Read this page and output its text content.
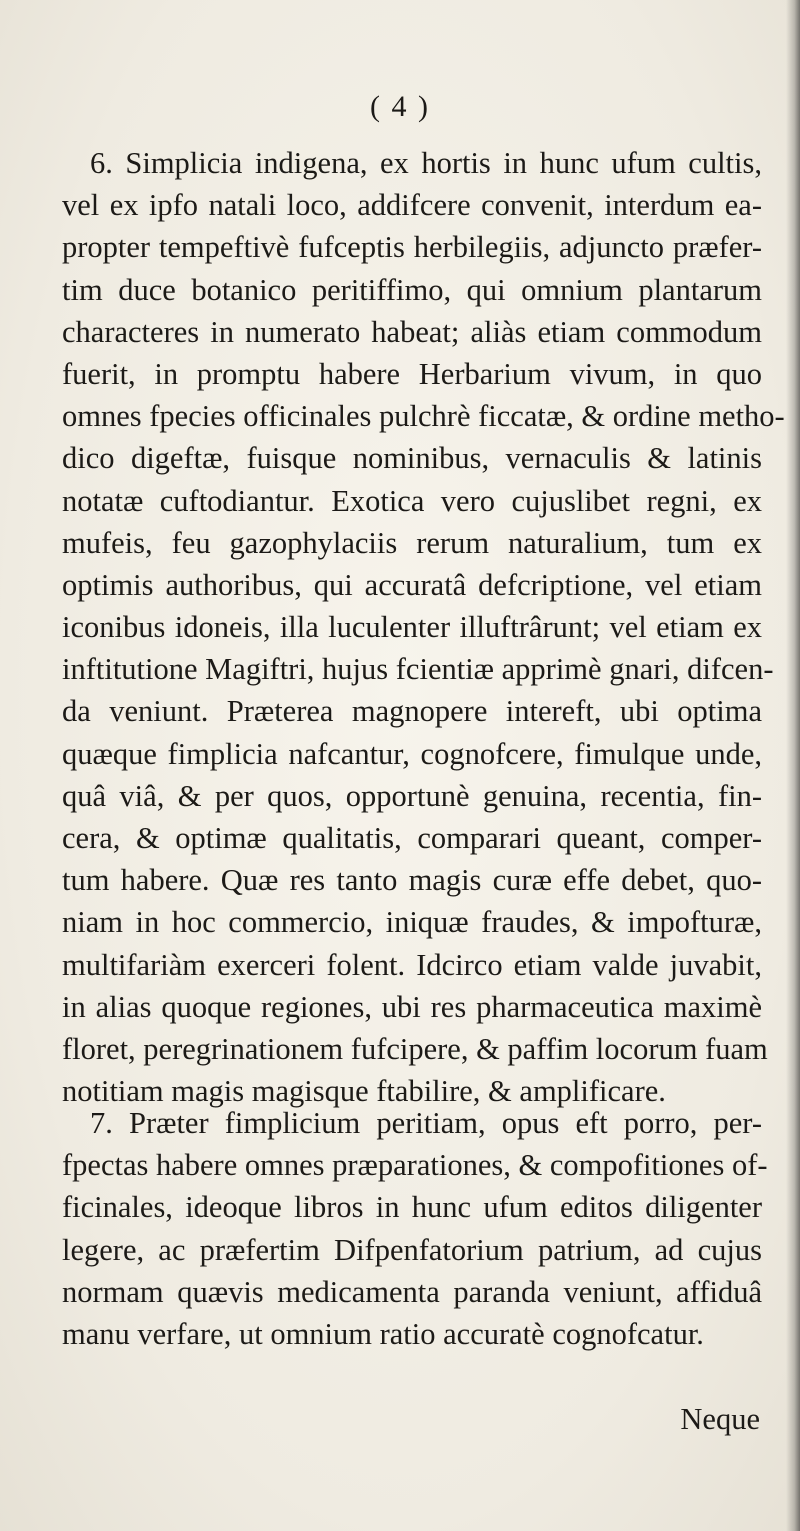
( 4 )
6. Simplicia indigena, ex hortis in hunc ufum cultis,
vel ex ipfo natali loco, addifcere convenit, interdum ea-
propter tempeftivè fufceptis herbilegiis, adjuncto præfer-
tim duce botanico peritiffimo, qui omnium plantarum
characteres in numerato habeat; aliàs etiam commodum
fuerit, in promptu habere Herbarium vivum, in quo
omnes fpecies officinales pulchrè ficcatæ, & ordine metho-
dico digeftæ, fuisque nominibus, vernaculis & latinis
notatæ cuftodiantur. Exotica vero cujuslibet regni, ex
mufeis, feu gazophylaciis rerum naturalium, tum ex
optimis authoribus, qui accuratâ defcriptione, vel etiam
iconibus idoneis, illa luculenter illuftrârunt; vel etiam ex
inftitutione Magiftri, hujus fcientiæ apprimè gnari, difcen-
da veniunt. Præterea magnopere intereft, ubi optima
quæque fimplicia nafcantur, cognofcere, fimulque unde,
quâ viâ, & per quos, opportunè genuina, recentia, fin-
cera, & optimæ qualitatis, comparari queant, comper-
tum habere. Quæ res tanto magis curæ effe debet, quo-
niam in hoc commercio, iniquæ fraudes, & impofturæ,
multifariàm exerceri folent. Idcirco etiam valde juvabit,
in alias quoque regiones, ubi res pharmaceutica maximè
floret, peregrinationem fufcipere, & paffim locorum fuam
notitiam magis magisque ftabilire, & amplificare.
7. Præter fimplicium peritiam, opus eft porro, per-
fpectas habere omnes præparationes, & compofitiones of-
ficinales, ideoque libros in hunc ufum editos diligenter
legere, ac præfertim Difpenfatorium patrium, ad cujus
normam quævis medicamenta paranda veniunt, affiduâ
manu verfare, ut omnium ratio accuratè cognofcatur.
Neque
